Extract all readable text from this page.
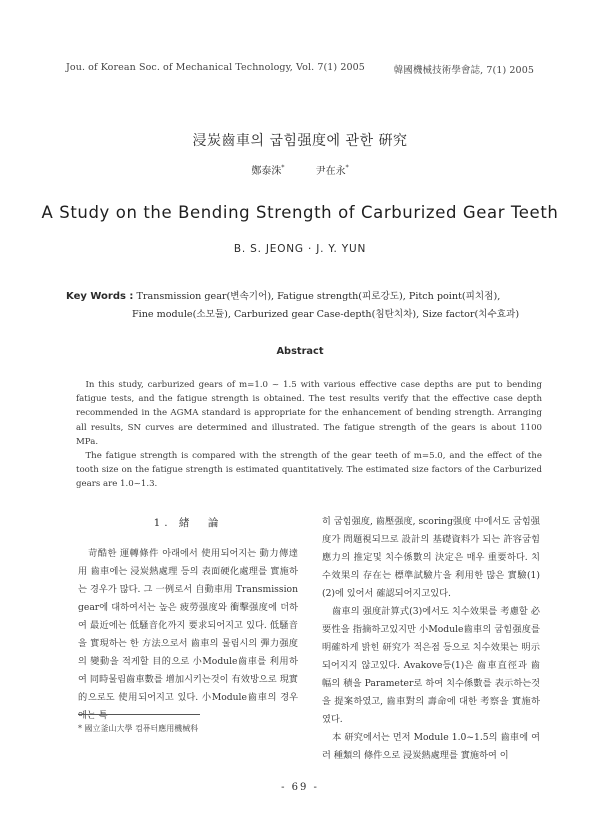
Jou. of Korean Soc. of Mechanical Technology, Vol. 7(1) 2005	韓國機械技術學會誌, 7(1) 2005
浸炭齒車의 굽힘强度에 관한 硏究
鄭泰洙*	尹在永*
A Study on the Bending Strength of Carburized Gear Teeth
B. S. JEONG · J. Y. YUN
Key Words : Transmission gear(변속기어), Fatigue strength(피로강도), Pitch point(피치점),
Fine module(소모듈), Carburized gear Case-depth(침탄치차), Size factor(치수효과)
Abstract

In this study, carburized gears of m=1.0 ~ 1.5 with various effective case depths are put to bending fatigue tests, and the fatigue strength is obtained. The test results verify that the effective case depth recommended in the AGMA standard is appropriate for the enhancement of bending strength. Arranging all results, SN curves are determined and illustrated. The fatigue strength of the gears is about 1100 MPa.

The fatigue strength is compared with the strength of the gear teeth of m=5.0, and the effect of the tooth size on the fatigue strength is estimated quantitatively. The estimated size factors of the Carburized gears are 1.0~1.3.

苛酷한 運轉條件 아래에서 使用되어지는 動力傳達用 齒車에는 浸炭熱處理 등의 表面硬化處理를 實施하는 경우가 많다. 그 一例로서 自動車用 Transmission gear에 대하여서는 높은 疲勞强度와 衝擊强度에 더하여 最近에는 低騷音化까지 要求되어지고 있다. 低騷音을 實現하는 한 方法으로서 齒車의 물림시의 彈力强度의 變動을 적게할 目的으로 小Module齒車를 利用하여 同時물림齒車數를 增加시키는것이 有效방으로 現實的으로도 使用되어지고 있다. 小Module齒車의 경우에는 특

히 굽힘强度, 齒壓强度, scoring强度 中에서도 굽힘强度가 問題視되므로 設計의 基礎資料가 되는 許容굽힘應力의 推定및 치수係數의 決定은 매우 重要하다. 치수效果의 存在는 標準試驗片을 利用한 많은 實驗(1)(2)에 있어서 確認되어지고있다.

齒車의 强度計算式(3)에서도 치수效果를 考慮할 必要性을 指摘하고있지만 小Module齒車의 굽힘强度를 明確하게 밝힌 研究가 적은점 등으로 치수效果는 明示되어지지 않고있다. Avakove등(1)은 齒車直徑과 齒幅의 積을 Parameter로 하여 치수係數를 表示하는것을 提案하였고, 齒車對의 壽命에 대한 考察을 實施하였다.

本 研究에서는 먼저 Module 1.0~1.5의 齒車에 여러 種類의 條件으로 浸炭熱處理를 實施하여 이

1. 緖　論
* 國立釜山大學 컴퓨터應用機械科
- 69 -
